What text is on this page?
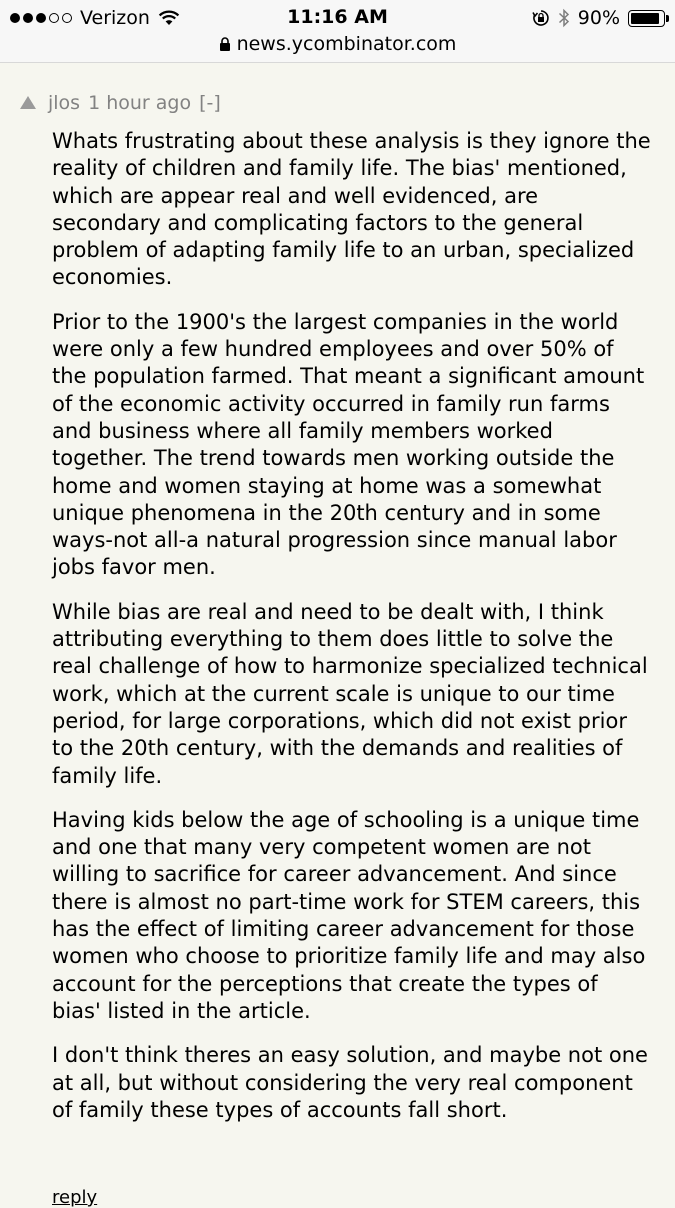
Verizon	11:16 AM	90%
news.ycombinator.com
jlos 1 hour ago [-]

Whats frustrating about these analysis is they ignore the reality of children and family life. The bias' mentioned, which are appear real and well evidenced, are secondary and complicating factors to the general problem of adapting family life to an urban, specialized economies.

Prior to the 1900's the largest companies in the world were only a few hundred employees and over 50% of the population farmed. That meant a significant amount of the economic activity occurred in family run farms and business where all family members worked together. The trend towards men working outside the home and women staying at home was a somewhat unique phenomena in the 20th century and in some ways-not all-a natural progression since manual labor jobs favor men.

While bias are real and need to be dealt with, I think attributing everything to them does little to solve the real challenge of how to harmonize specialized technical work, which at the current scale is unique to our time period, for large corporations, which did not exist prior to the 20th century, with the demands and realities of family life.

Having kids below the age of schooling is a unique time and one that many very competent women are not willing to sacrifice for career advancement. And since there is almost no part-time work for STEM careers, this has the effect of limiting career advancement for those women who choose to prioritize family life and may also account for the perceptions that create the types of bias' listed in the article.

I don't think theres an easy solution, and maybe not one at all, but without considering the very real component of family these types of accounts fall short.

reply
